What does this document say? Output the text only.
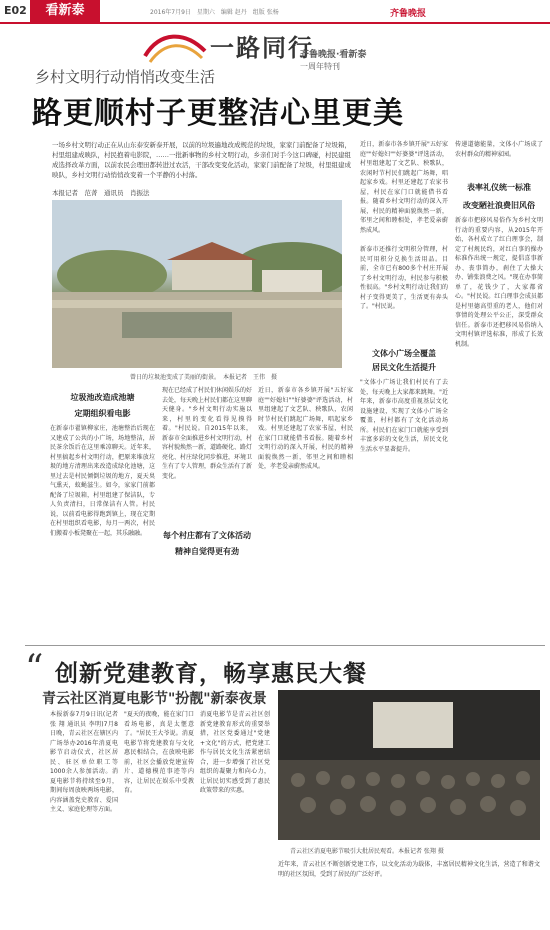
E02	看新泰	2016年7月9日　星期六　编辑 赵丹　组版 张杨	齐鲁晚报
一路同行
齐鲁晚报·看新泰
一周年特刊
乡村文明行动悄悄改变生活
路更顺村子更整洁心里更美
一场乡村文明行动正在从山东泰安新泰开展，以前的垃圾遍地改成规范的垃圾，家家门前配备了垃圾箱，村里组建成映队，村民抱着电影院，……一批新事物的乡村文明行动，乡亲们对手今这口碑碰，村民建组成选择改革方面，以前农民会理田都转进过农活，干部改变变化活动，家家门前配备了垃圾，村里组建成映队，乡村文明行动悄悄改变着一个平静的小村落。
本报记者　范菁　通讯员　肖振法
曾日的垃圾池变成了美丽的街景。　本报记者　王伟　摄
近日，新泰市各乡镇开展"五好家庭""好媳妇""好婆婆"评选活动，村里组建起了文艺队、秧歌队，农闲时节村民们跳起广场舞，唱起家乡戏。村里还建起了农家书屋，村民在家门口就能借书看报。随着乡村文明行动的深入开展，村民的精神面貌焕然一新，邻里之间和睦相处，孝老爱亲蔚然成风。
新泰市还推行文明积分管理，村民可用积分兑换生活用品。目前，全市已有800多个村庄开展了乡村文明行动，村民参与积极性很高。"乡村文明行动让我们的村子变得更美了，生活更有奔头了。"村民说。
文体小广场全覆盖
居民文化生活提升
"文体小广场让我们村民有了去处，每天晚上大家都来跳舞。"近年来，新泰市高度重视基层文化设施建设，实现了文体小广场全覆盖，村村都有了文化活动场所。村民们在家门口就能享受到丰富多彩的文化生活，居民文化生活水平显著提升。
传递道德能量，文体小广场成了农村群众的精神家园。
表率礼仪统一标准
改变陋社浪费旧风俗
新泰市把移风易俗作为乡村文明行动的重要内容，从2015年开始，各村成立了红白理事会，制定了村规民约，对红白事的操办标准作出统一规定，提倡喜事新办、丧事简办，刹住了大操大办、铺张浪费之风。"现在办事简单了，花钱少了，大家都省心。"村民说。红白理事会成员都是村里德高望重的老人，他们对事情的处理公平公正，深受群众信任。新泰市还把移风易俗纳入文明村镇评选标准，形成了长效机制。
垃圾池改造成池塘
定期组织看电影
在新泰市翟镇柳家庄，池塘整治后现在又建成了公共的小广场，场地整洁，居民茶余饭后在这里乘凉聊天。近年来，村里搞起乡村文明行动，把原来堆放垃圾的地方清理出来改造成绿化池塘，这里过去是村民倾倒垃圾的地方，夏天臭气熏天，蚊蝇滋生。如今，家家门前都配备了垃圾箱，村里组建了保洁队，专人负责清扫，日常保洁有人管。村民说，以前看电影得跑到镇上，现在定期在村里组织看电影，每月一两次，村民们搬着小板凳聚在一起，其乐融融。
现在已经成了村民们休闲娱乐的好去处，每天晚上村民们都在这里聊天健身。"乡村文明行动实施以来，村里的变化看得见摸得着。"村民说。自2015年以来，新泰市全面推进乡村文明行动，村容村貌焕然一新，道路硬化、路灯亮化、村庄绿化同步推进，环境卫生有了专人管理，群众生活有了新变化。
每个村庄都有了文体活动
精神自觉得更有劲
近日，新泰市各乡镇开展"五好家庭""好媳妇""好婆婆"评选活动，村里组建起了文艺队、秧歌队，农闲时节村民们跳起广场舞，唱起家乡戏。村里还建起了农家书屋，村民在家门口就能借书看报。随着乡村文明行动的深入开展，村民的精神面貌焕然一新，邻里之间和睦相处，孝老爱亲蔚然成风。
“ 创新党建教育，畅享惠民大餐
青云社区消夏电影节"扮靓"新泰夜景
本报新泰7月9日讯(记者 张 翔 通讯员 李明)7月8日晚，青云社区在辖区内广场举办2016年消夏电影节启动仪式，社区居民、驻区单位职工等1000余人参加活动。消夏电影节将持续至9月，期间每周放映两场电影，内容涵盖党史教育、爱国主义、家庭伦理等方面。
"夏天的夜晚，能在家门口看场电影，真是太惬意了。"居民王大爷说。消夏电影节将党建教育与文化惠民相结合，在放映电影前，社区会播放党建宣传片、道德模范事迹等内容，让居民在娱乐中受教育。
消夏电影节是青云社区创新党建教育形式的重要举措，社区党委通过"党建+文化"的方式，把党建工作与居民文化生活紧密结合，进一步增强了社区党组织的凝聚力和向心力，让居民切实感受到了惠民政策带来的实惠。
青云社区消夏电影节吸引大批居民观看。本报记者 张翔 摄
近年来，青云社区不断创新党建工作，以文化活动为载体，丰富居民精神文化生活，营造了和谐文明的社区氛围，受到了居民的广泛好评。
